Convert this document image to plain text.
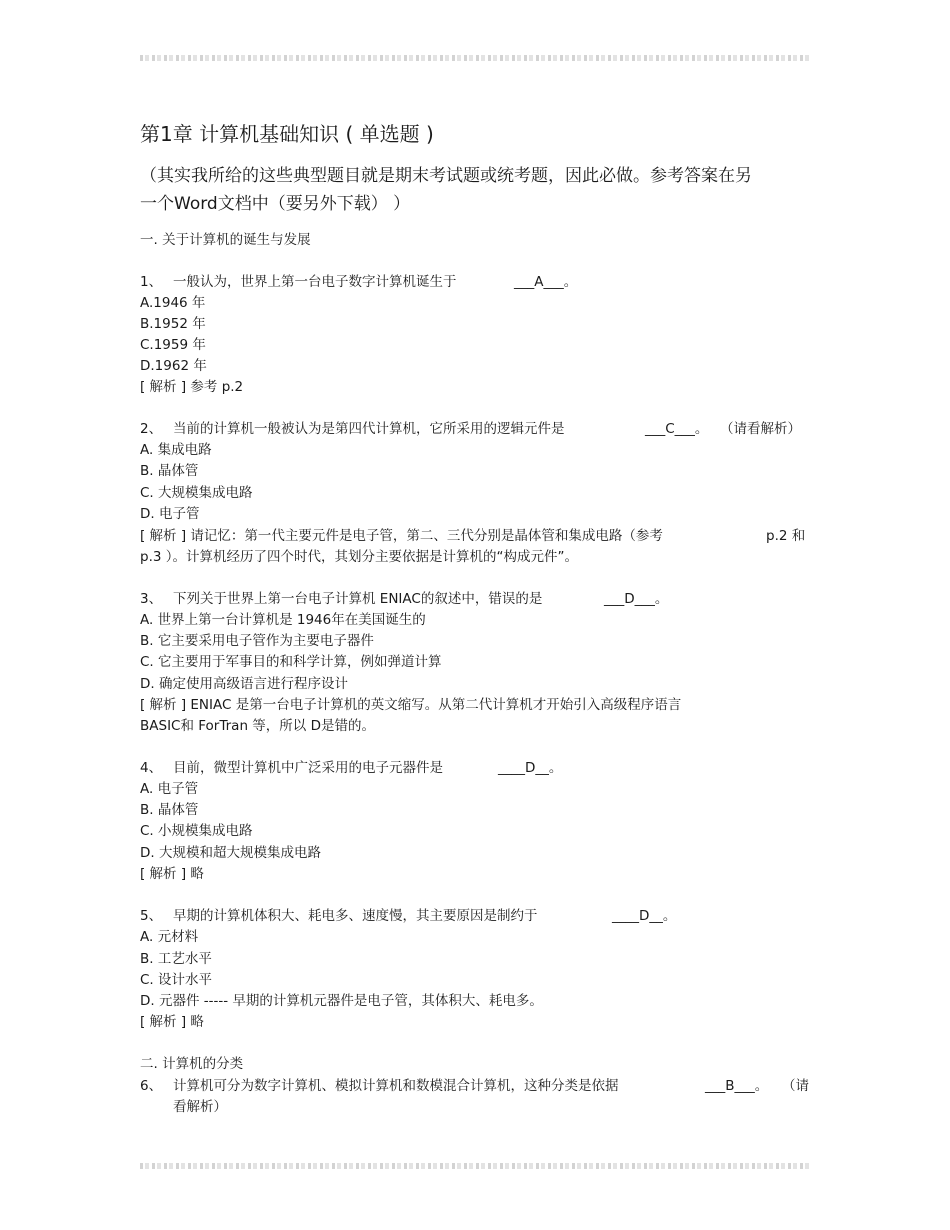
第1章 计算机基础知识 ( 单选题 )
（其实我所给的这些典型题目就是期末考试题或统考题，因此必做。参考答案在另
一个Word文档中（要另外下载） ）
一. 关于计算机的诞生与发展
1、 一般认为，世界上第一台电子数字计算机诞生于	___A___。
A.1946 年
B.1952 年
C.1959 年
D.1962 年
[ 解析 ] 参考 p.2
2、 当前的计算机一般被认为是第四代计算机，它所采用的逻辑元件是	___C___。 （请看解析）
A. 集成电路
B. 晶体管
C. 大规模集成电路
D. 电子管
[ 解析 ] 请记忆：第一代主要元件是电子管，第二、三代分别是晶体管和集成电路（参考	p.2 和
p.3 ）。计算机经历了四个时代，其划分主要依据是计算机的“构成元件”。
3、 下列关于世界上第一台电子计算机 ENIAC的叙述中，错误的是	___D___。
A. 世界上第一台计算机是 1946年在美国诞生的
B. 它主要采用电子管作为主要电子器件
C. 它主要用于军事目的和科学计算，例如弹道计算
D. 确定使用高级语言进行程序设计
[ 解析 ] ENIAC 是第一台电子计算机的英文缩写。从第二代计算机才开始引入高级程序语言
BASIC和 ForTran 等，所以 D是错的。
4、 目前，微型计算机中广泛采用的电子元器件是	____D__。
A. 电子管
B. 晶体管
C. 小规模集成电路
D. 大规模和超大规模集成电路
[ 解析 ] 略
5、 早期的计算机体积大、耗电多、速度慢，其主要原因是制约于	____D__。
A. 元材料
B. 工艺水平
C. 设计水平
D. 元器件 ----- 早期的计算机元器件是电子管，其体积大、耗电多。
[ 解析 ] 略
二. 计算机的分类
6、 计算机可分为数字计算机、模拟计算机和数模混合计算机，这种分类是依据	___B___。 （请
看解析）
